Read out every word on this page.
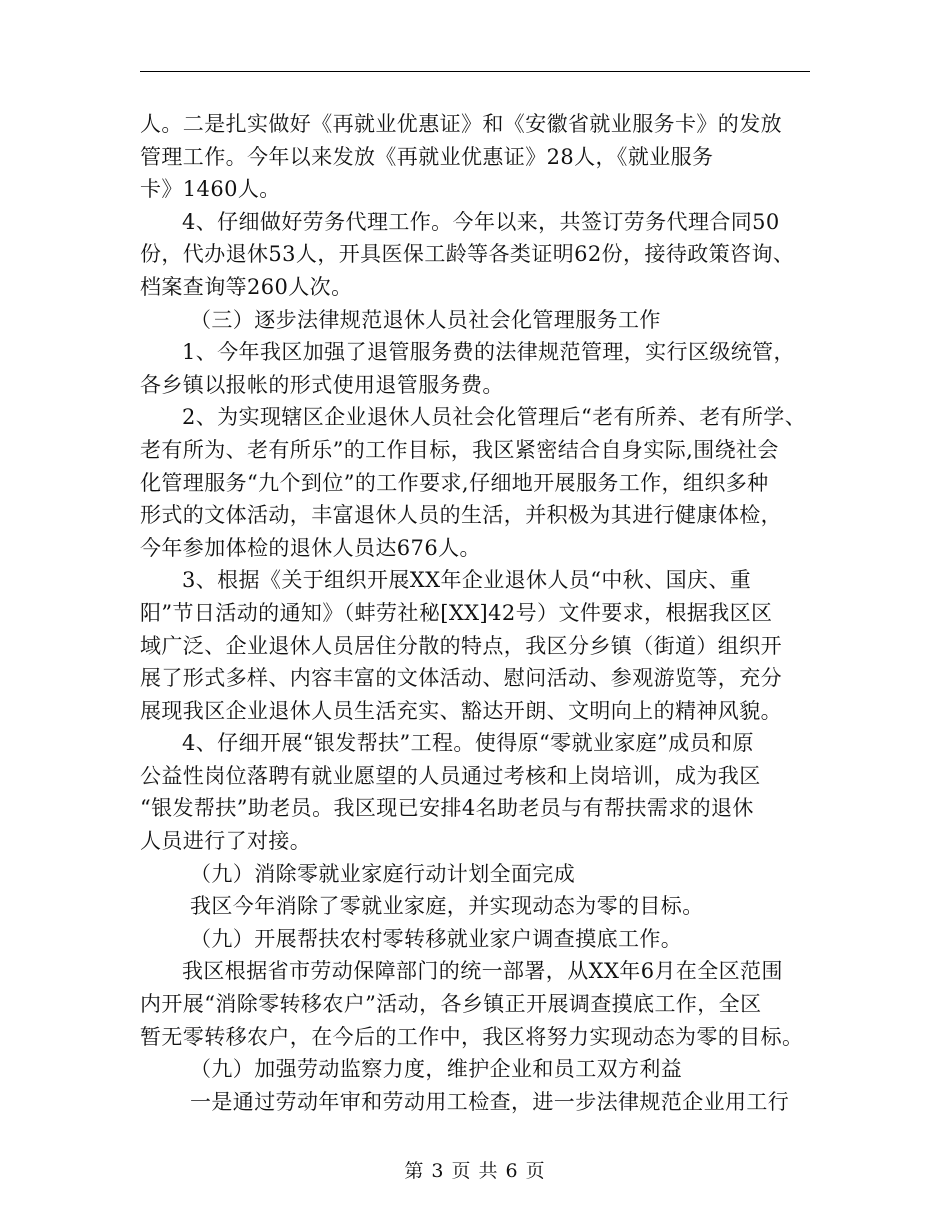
人。二是扎实做好《再就业优惠证》和《安徽省就业服务卡》的发放
管理工作。今年以来发放《再就业优惠证》28人，《就业服务
卡》1460人。
4、仔细做好劳务代理工作。今年以来，共签订劳务代理合同50
份，代办退休53人，开具医保工龄等各类证明62份，接待政策咨询、
档案查询等260人次。
（三）逐步法律规范退休人员社会化管理服务工作
1、今年我区加强了退管服务费的法律规范管理，实行区级统管，
各乡镇以报帐的形式使用退管服务费。
2、为实现辖区企业退休人员社会化管理后“老有所养、老有所学、
老有所为、老有所乐”的工作目标，我区紧密结合自身实际,围绕社会
化管理服务“九个到位”的工作要求,仔细地开展服务工作，组织多种
形式的文体活动，丰富退休人员的生活，并积极为其进行健康体检，
今年参加体检的退休人员达676人。
3、根据《关于组织开展XX年企业退休人员“中秋、国庆、重
阳”节日活动的通知》（蚌劳社秘[XX]42号）文件要求，根据我区区
域广泛、企业退休人员居住分散的特点，我区分乡镇（街道）组织开
展了形式多样、内容丰富的文体活动、慰问活动、参观游览等，充分
展现我区企业退休人员生活充实、豁达开朗、文明向上的精神风貌。
4、仔细开展“银发帮扶”工程。使得原“零就业家庭”成员和原
公益性岗位落聘有就业愿望的人员通过考核和上岗培训，成为我区
“银发帮扶”助老员。我区现已安排4名助老员与有帮扶需求的退休
人员进行了对接。
（九）消除零就业家庭行动计划全面完成
我区今年消除了零就业家庭，并实现动态为零的目标。
（九）开展帮扶农村零转移就业家户调查摸底工作。
我区根据省市劳动保障部门的统一部署，从XX年6月在全区范围
内开展“消除零转移农户”活动，各乡镇正开展调查摸底工作，全区
暂无零转移农户，在今后的工作中，我区将努力实现动态为零的目标。
（九）加强劳动监察力度，维护企业和员工双方利益
一是通过劳动年审和劳动用工检查，进一步法律规范企业用工行
第 3 页 共 6 页
